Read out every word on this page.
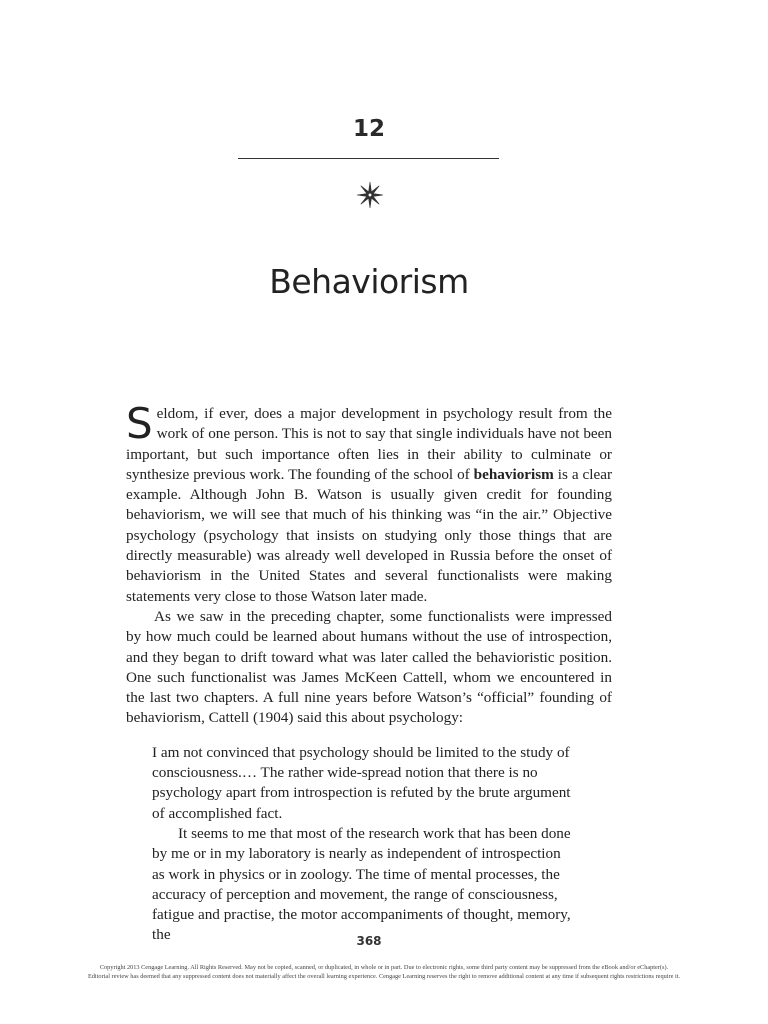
12
Behaviorism

Seldom, if ever, does a major development in psychology result from the work of one person. This is not to say that single individuals have not been important, but such importance often lies in their ability to culminate or synthesize previous work. The founding of the school of behaviorism is a clear example. Although John B. Watson is usually given credit for founding behaviorism, we will see that much of his thinking was “in the air.” Objective psychology (psychology that insists on studying only those things that are directly measurable) was already well developed in Russia before the onset of behaviorism in the United States and several functionalists were making statements very close to those Watson later made.

As we saw in the preceding chapter, some functionalists were impressed by how much could be learned about humans without the use of introspection, and they began to drift toward what was later called the behavioristic position. One such functionalist was James McKeen Cattell, whom we encountered in the last two chapters. A full nine years before Watson’s “official” founding of behaviorism, Cattell (1904) said this about psychology:

I am not convinced that psychology should be limited to the study of consciousness.… The rather wide-spread notion that there is no psychology apart from introspection is refuted by the brute argument of accomplished fact.

It seems to me that most of the research work that has been done by me or in my laboratory is nearly as independent of introspection as work in physics or in zoology. The time of mental processes, the accuracy of perception and movement, the range of consciousness, fatigue and practise, the motor accompaniments of thought, memory, the	368
Copyright 2013 Cengage Learning. All Rights Reserved. May not be copied, scanned, or duplicated, in whole or in part. Due to electronic rights, some third party content may be suppressed from the eBook and/or eChapter(s).
Editorial review has deemed that any suppressed content does not materially affect the overall learning experience. Cengage Learning reserves the right to remove additional content at any time if subsequent rights restrictions require it.
